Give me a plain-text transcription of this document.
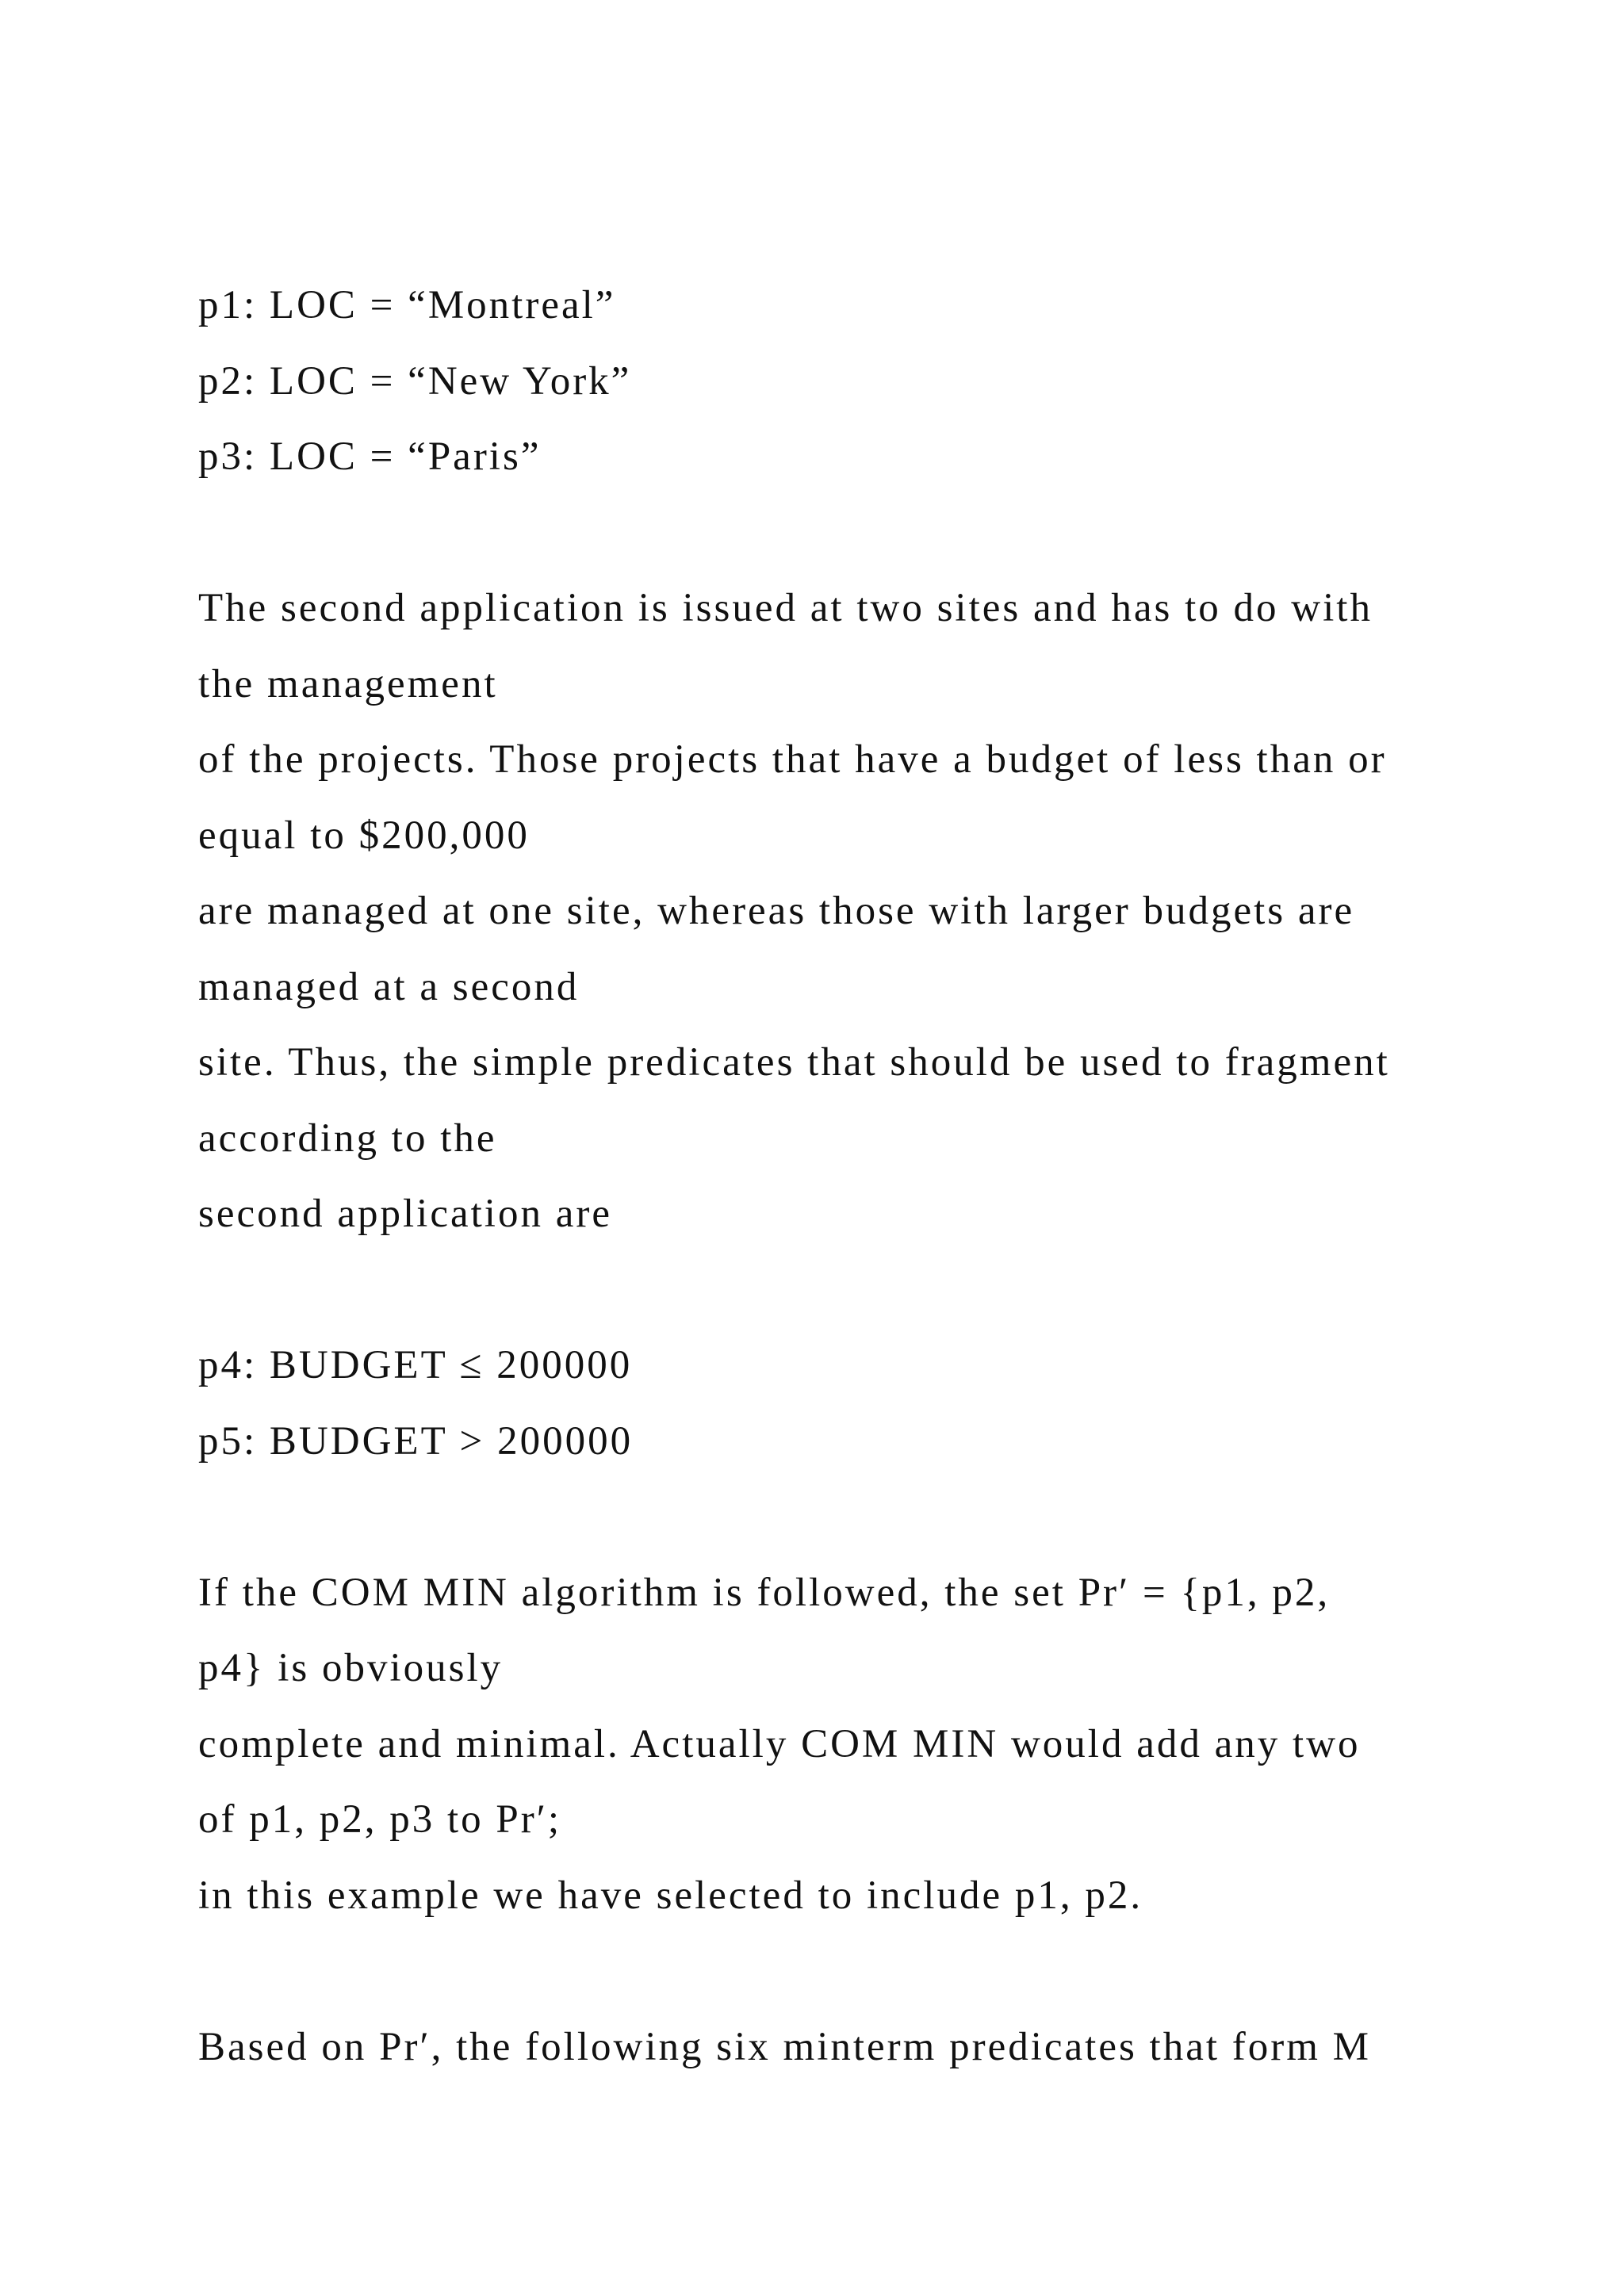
p1: LOC = “Montreal”
p2: LOC = “New York”
p3: LOC = “Paris”
The second application is issued at two sites and has to do with
the management
of the projects. Those projects that have a budget of less than or
equal to $200,000
are managed at one site, whereas those with larger budgets are
managed at a second
site. Thus, the simple predicates that should be used to fragment
according to the
second application are
p4: BUDGET ≤ 200000
p5: BUDGET > 200000
If the COM MIN algorithm is followed, the set Pr′ = {p1, p2,
p4} is obviously
complete and minimal. Actually COM MIN would add any two
of p1, p2, p3 to Pr′;
in this example we have selected to include p1, p2.
Based on Pr′, the following six minterm predicates that form M
